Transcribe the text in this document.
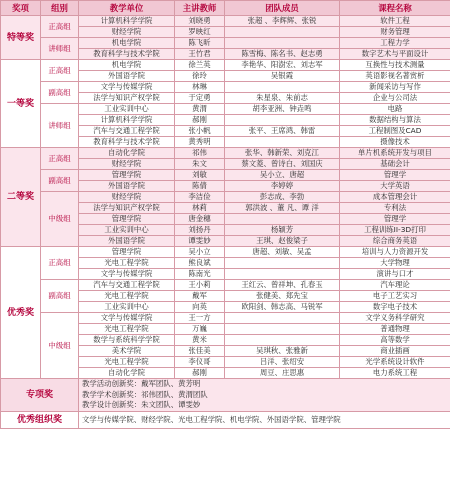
奖项	组别	教学单位	主讲教师	团队成员	课程名称
特等奖	正高组	计算机科学学院	刘晓勇	张超 、李辉辉、张锐	软件工程
		财经学院	罗映红		财务管理
	讲师组	机电学院	陈飞昕		工程力学
		教育科学与技术学院	王竹君	陈雪梅、陈名书、赵志勇	数字艺术与平面设计
一等奖	正高组	机电学院	徐兰英	李艳华、阳澍宏、刘志军	互换性与技术测量
		外国语学院	徐玲	吴银霞	英语影视名著赏析
	副高组	文学与传媒学院	林琳		新闻采访与写作
		法学与知识产权学院	于定勇	朱星泉、朱前志	企业与公司法
	讲师组	工业实训中心	黄渭	胡李亚洲、钟垚鸣	电路
		计算机科学学院	郝刚		数据结构与算法
		汽车与交通工程学院	张小帆	张平、王席鸿、韩雷	工程制图及CAD
		教育科学与技术学院	黄秀明		摄像技术
二等奖	正高组	自动化学院	祁伟	张华、韩新荣、刘克江	单片机系统开发与项目
		财经学院	朱文	蔡文菱、曾诗白、刘国庆	基础会计
	副高组	管理学院	刘敏	吴小立、唐超	管理学
		外国语学院	陈倩	李婷婷	大学英语
	中级组	财经学院	李洁俭	彭志成、李勃	成本管理会计
		法学与知识产权学院	林莉	郭洪波 、董 凡、谭 洋	专利法
		管理学院	唐金穗		管理学
		工业实训中心	刘扬丹	杨颖芳	工程训练II-3D打印
		外国语学院	谭雯妙	王琪、赵俊梁子	综合商务英语
优秀奖	正高组	管理学院	吴小立	唐超、刘敏、吴孟	培训与人力资源开发
		光电工程学院	熊良斌		大学物理
		文学与传媒学院	陈南光		演讲与口才
	副高组	汽车与交通工程学院	王小莉	王红云、曾祥坤、孔春玉	汽车理论
		光电工程学院	戴军	张健美、郑先宝	电子工艺实习
		工业实训中心	向英	欧阳剑、韩志高、马锐军	数字电子技术
	中级组	文学与传媒学院	王一方		文学义务科学研究
		光电工程学院	万巍		普通物理
		数学与系统科学学院	黄米		高等数学
		美术学院	张佳美	吴琪秋、张雅新	商业插画
		光电工程学院	李仪哥	吕洋、张绍安	光学系统设计软件
		自动化学院	郝刚	周豆、庄思惠	电力系统工程
专项奖		教学活动创新奖：戴军团队、黄芳明
教学学术创新奖：祁伟团队、黄渭团队
教学设计创新奖：朱文团队、谭雯妙			

优秀组织奖		文学与传媒学院、财经学院、光电工程学院、机电学院、外国语学院、管理学院			
